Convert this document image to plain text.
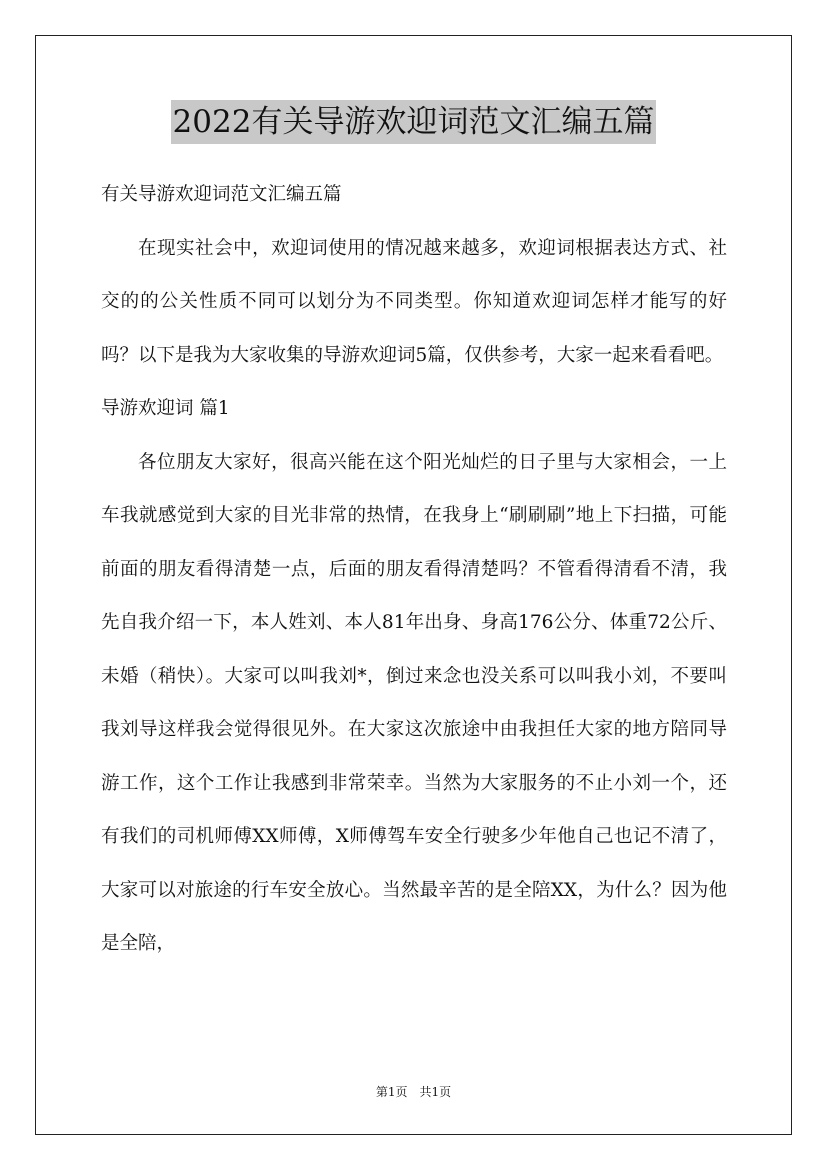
2022有关导游欢迎词范文汇编五篇

有关导游欢迎词范文汇编五篇

在现实社会中，欢迎词使用的情况越来越多，欢迎词根据表达方式、社交的的公关性质不同可以划分为不同类型。你知道欢迎词怎样才能写的好吗？以下是我为大家收集的导游欢迎词5篇，仅供参考，大家一起来看看吧。

导游欢迎词 篇1

各位朋友大家好，很高兴能在这个阳光灿烂的日子里与大家相会，一上车我就感觉到大家的目光非常的热情，在我身上“刷刷刷”地上下扫描，可能前面的朋友看得清楚一点，后面的朋友看得清楚吗？不管看得清看不清，我先自我介绍一下，本人姓刘、本人81年出身、身高176公分、体重72公斤、未婚（稍快）。大家可以叫我刘*，倒过来念也没关系可以叫我小刘，不要叫我刘导这样我会觉得很见外。在大家这次旅途中由我担任大家的地方陪同导游工作，这个工作让我感到非常荣幸。当然为大家服务的不止小刘一个，还有我们的司机师傅XX师傅，X师傅驾车安全行驶多少年他自己也记不清了，大家可以对旅途的行车安全放心。当然最辛苦的是全陪XX，为什么？因为他是全陪，

第1页　共1页
